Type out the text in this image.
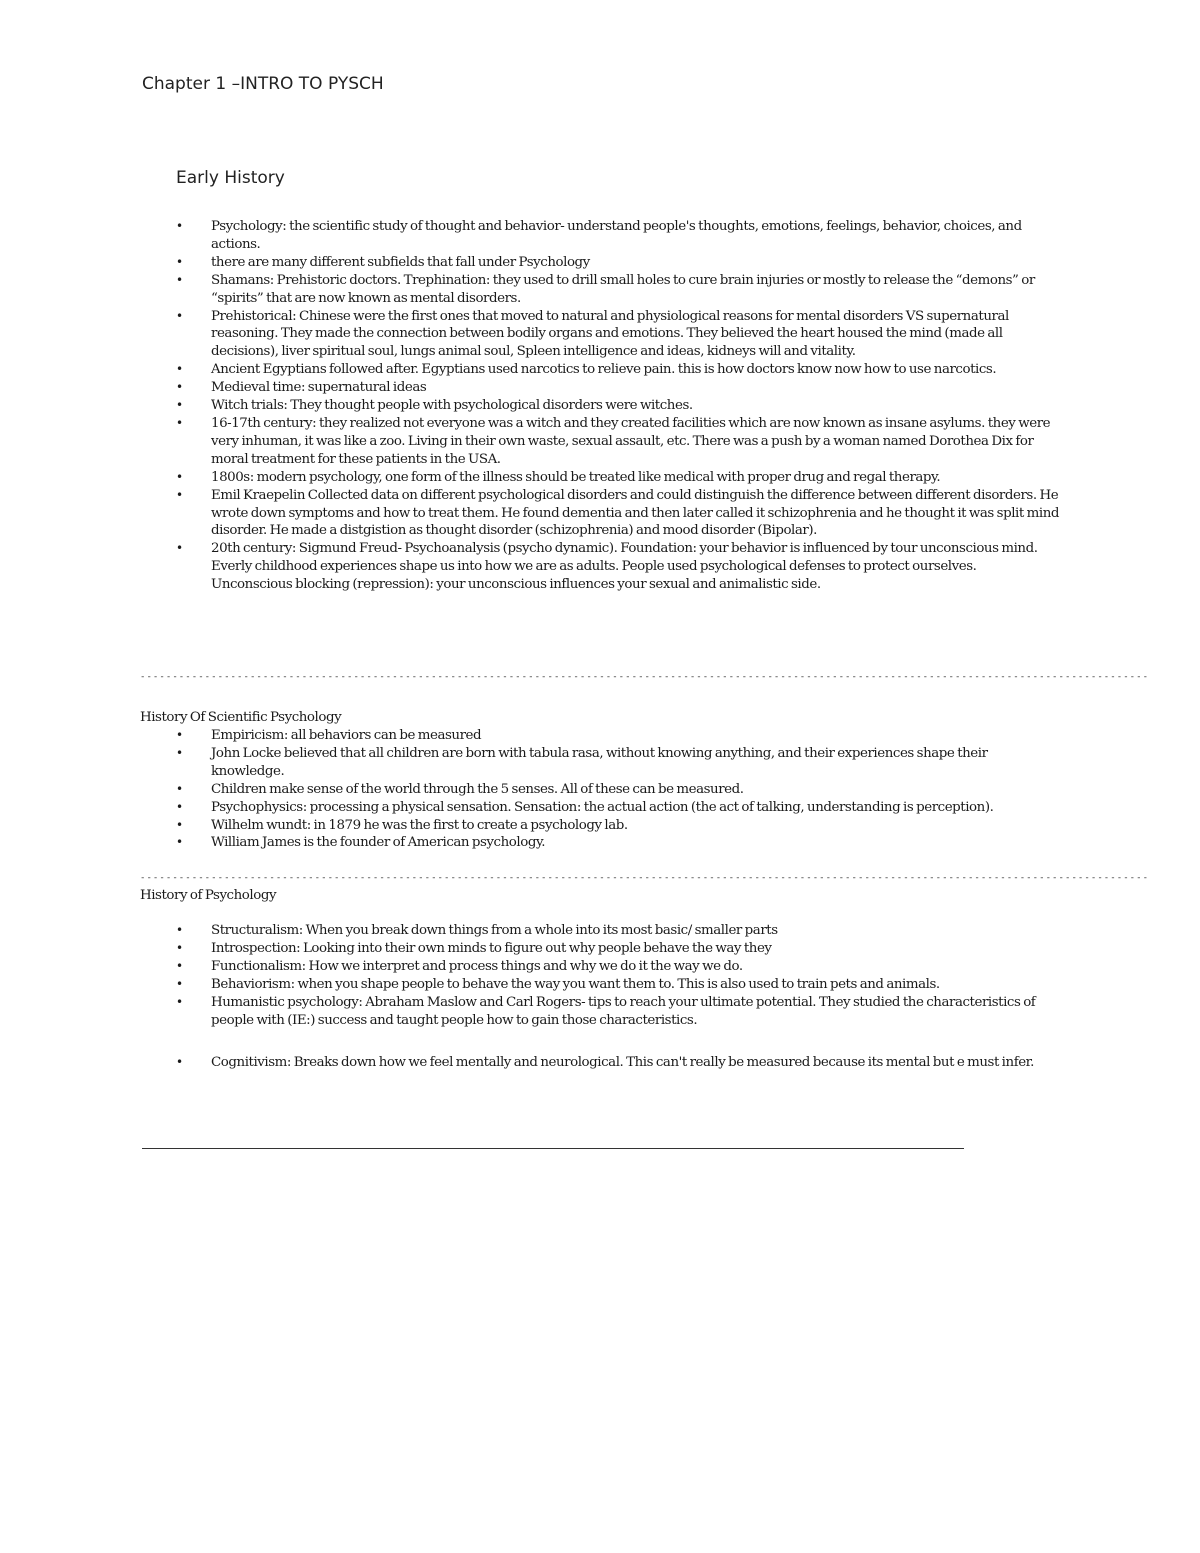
Chapter 1 –INTRO TO PYSCH
Early History
• Psychology: the scientific study of thought and behavior- understand people's thoughts, emotions, feelings, behavior, choices, and actions.
• there are many different subfields that fall under Psychology
• Shamans: Prehistoric doctors. Trephination: they used to drill small holes to cure brain injuries or mostly to release the “demons” or “spirits” that are now known as mental disorders.
• Prehistorical: Chinese were the first ones that moved to natural and physiological reasons for mental disorders VS supernatural reasoning. They made the connection between bodily organs and emotions. They believed the heart housed the mind (made all decisions), liver spiritual soul, lungs animal soul, Spleen intelligence and ideas, kidneys will and vitality.
• Ancient Egyptians followed after. Egyptians used narcotics to relieve pain. this is how doctors know now how to use narcotics.
• Medieval time: supernatural ideas
• Witch trials: They thought people with psychological disorders were witches.
• 16-17th century: they realized not everyone was a witch and they created facilities which are now known as insane asylums. they were very inhuman, it was like a zoo. Living in their own waste, sexual assault, etc. There was a push by a woman named Dorothea Dix for moral treatment for these patients in the USA.
• 1800s: modern psychology, one form of the illness should be treated like medical with proper drug and regal therapy.
• Emil Kraepelin Collected data on different psychological disorders and could distinguish the difference between different disorders. He wrote down symptoms and how to treat them. He found dementia and then later called it schizophrenia and he thought it was split mind disorder. He made a distgistion as thought disorder (schizophrenia) and mood disorder (Bipolar).
• 20th century: Sigmund Freud- Psychoanalysis (psycho dynamic). Foundation: your behavior is influenced by tour unconscious mind. Everly childhood experiences shape us into how we are as adults. People used psychological defenses to protect ourselves. Unconscious blocking (repression): your unconscious influences your sexual and animalistic side.

------------------------------------------------------------------------------------------------------------------------------------------------------------

History Of Scientific Psychology
• Empiricism: all behaviors can be measured
• John Locke believed that all children are born with tabula rasa, without knowing anything, and their experiences shape their knowledge.
• Children make sense of the world through the 5 senses. All of these can be measured.
• Psychophysics: processing a physical sensation. Sensation: the actual action (the act of talking, understanding is perception).
• Wilhelm wundt: in 1879 he was the first to create a psychology lab.
• William James is the founder of American psychology.

------------------------------------------------------------------------------------------------------------------------------------------------------------

History of Psychology
• Structuralism: When you break down things from a whole into its most basic/ smaller parts
• Introspection: Looking into their own minds to figure out why people behave the way they
• Functionalism: How we interpret and process things and why we do it the way we do.
• Behaviorism: when you shape people to behave the way you want them to. This is also used to train pets and animals.
• Humanistic psychology: Abraham Maslow and Carl Rogers- tips to reach your ultimate potential. They studied the characteristics of people with (IE:) success and taught people how to gain those characteristics.
• Cognitivism: Breaks down how we feel mentally and neurological. This can't really be measured because its mental but e must infer.
